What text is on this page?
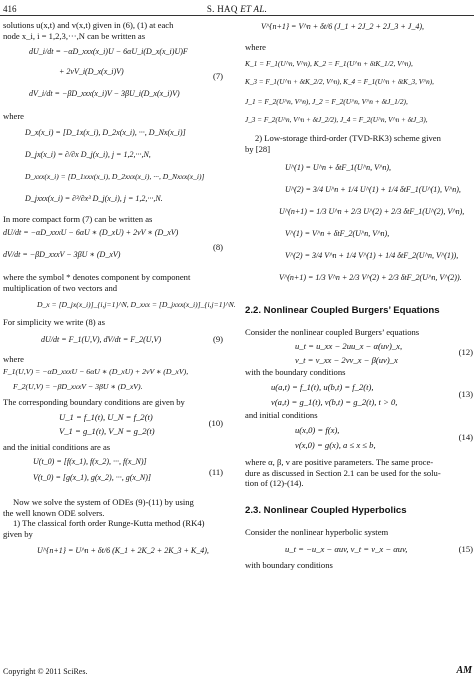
416	S. HAQ ET AL.

solutions u(x,t) and v(x,t) given in (6), (1) at each

node x_i, i = 1,2,3,···,N can be written as

dU_i/dt = −αD_xxx(x_i)U − 6αU_i(D_x(x_i)U)F
+ 2vV_i(D_x(x_i)V)
dV_i/dt = −βD_xxx(x_i)V − 3βU_i(D_x(x_i)V)
(7)

where

D_x(x_i) = [D_1x(x_i), D_2x(x_i), ···, D_Nx(x_i)]
D_jx(x_i) = ∂/∂x D_j(x_i), j = 1,2,···,N,
D_xxx(x_i) = [D_1xxx(x_i), D_2xxx(x_i), ···, D_Nxxx(x_i)]
D_jxxx(x_i) = ∂³/∂x³ D_j(x_i), j = 1,2,···,N.

In more compact form (7) can be written as

dU/dt = −αD_xxxU − 6αU ∗ (D_xU) + 2vV ∗ (D_xV)
dV/dt = −βD_xxxV − 3βU ∗ (D_xV)
(8)

where the symbol * denotes component by component

multiplication of two vectors and

D_x = [D_jx(x_i)]_{i,j=1}^N, D_xxx = [D_jxxx(x_i)]_{i,j=1}^N.

For simplicity we write (8) as

dU/dt = F_1(U,V), dV/dt = F_2(U,V)	(9)

where

F_1(U,V) = −αD_xxxU − 6αU ∗ (D_xU) + 2vV ∗ (D_xV),
F_2(U,V) = −βD_xxxV − 3βU ∗ (D_xV).

The corresponding boundary conditions are given by

U_1 = f_1(t), U_N = f_2(t)
V_1 = g_1(t), V_N = g_2(t)
(10)

and the initial conditions are as

U(t_0) = [f(x_1), f(x_2), ···, f(x_N)]
V(t_0) = [g(x_1), g(x_2), ···, g(x_N)]
(11)

Now we solve the system of ODEs (9)-(11) by using

the well known ODE solvers.

1) The classical forth order Runge-Kutta method (RK4)

given by

U^{n+1} = U^n + δt/6 (K_1 + 2K_2 + 2K_3 + K_4),
V^{n+1} = V^n + δt/6 (J_1 + 2J_2 + 2J_3 + J_4),

where

K_1 = F_1(U^n, V^n), K_2 = F_1(U^n + δtK_1/2, V^n),
K_3 = F_1(U^n + δtK_2/2, V^n), K_4 = F_1(U^n + δtK_3, V^n),
J_1 = F_2(U^n, V^n), J_2 = F_2(U^n, V^n + δtJ_1/2),
J_3 = F_2(U^n, V^n + δtJ_2/2), J_4 = F_2(U^n, V^n + δtJ_3),

2) Low-storage third-order (TVD-RK3) scheme given

by [28]

U^(1) = U^n + δtF_1(U^n, V^n),
U^(2) = 3/4 U^n + 1/4 U^(1) + 1/4 δtF_1(U^(1), V^n),
U^(n+1) = 1/3 U^n + 2/3 U^(2) + 2/3 δtF_1(U^(2), V^n),
V^(1) = V^n + δtF_2(U^n, V^n),
V^(2) = 3/4 V^n + 1/4 V^(1) + 1/4 δtF_2(U^n, V^(1)),
V^(n+1) = 1/3 V^n + 2/3 V^(2) + 2/3 δtF_2(U^n, V^(2)).
2.2. Nonlinear Coupled Burgers’ Equations

Consider the nonlinear coupled Burgers’ equations

u_t = u_xx − 2uu_x − α(uv)_x,
v_t = v_xx − 2vv_x − β(uv)_x
(12)

with the boundary conditions

u(a,t) = f_1(t), u(b,t) = f_2(t),
v(a,t) = g_1(t), v(b,t) = g_2(t), t > 0,
(13)

and initial conditions

u(x,0) = f(x),
v(x,0) = g(x), a ≤ x ≤ b,
(14)

where α, β, v are positive parameters. The same proce-

dure as discussed in Section 2.1 can be used for the solu-

tion of (12)-(14).

2.3. Nonlinear Coupled Hyperbolics

Consider the nonlinear hyperbolic system

u_t = −u_x − αuv, v_t = v_x − αuv,	(15)

with boundary conditions

Copyright © 2011 SciRes.	AM
